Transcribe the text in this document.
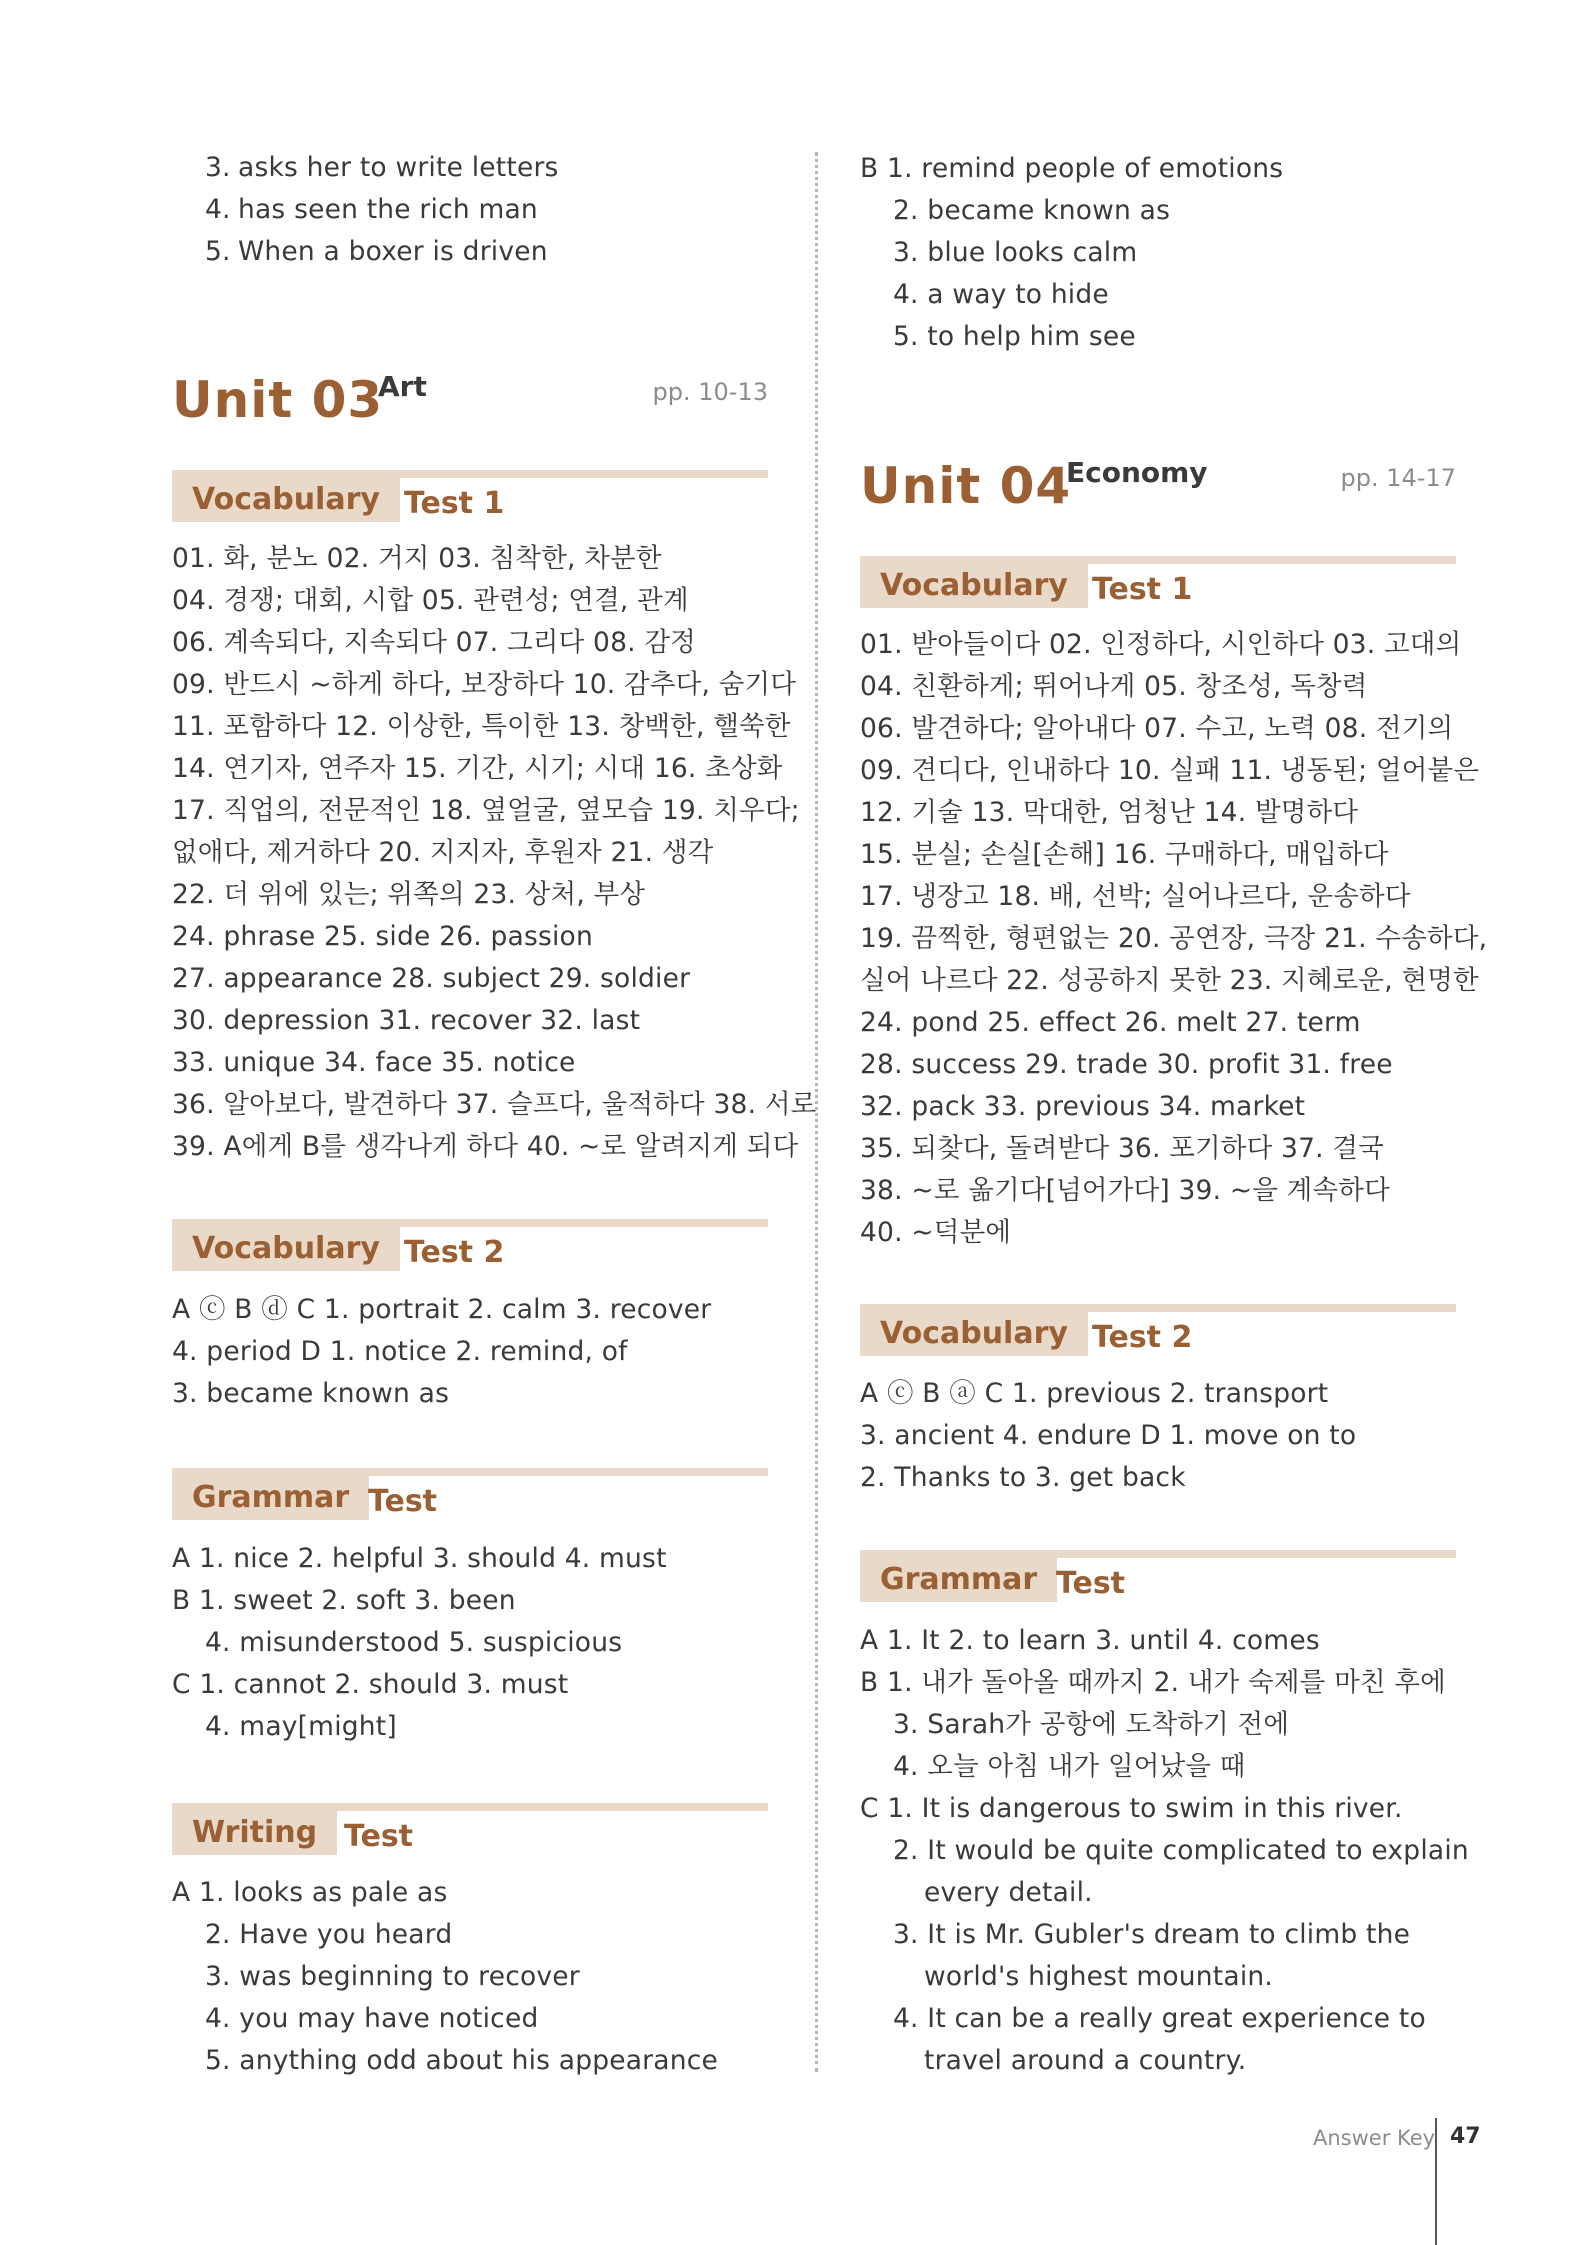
3. asks her to write letters
4. has seen the rich man
5. When a boxer is driven
Unit 03
Art	pp. 10-13
Vocabulary Test 1
01. 화, 분노 02. 거지 03. 침착한, 차분한
04. 경쟁; 대회, 시합 05. 관련성; 연결, 관계
06. 계속되다, 지속되다 07. 그리다 08. 감정
09. 반드시 ~하게 하다, 보장하다 10. 감추다, 숨기다
11. 포함하다 12. 이상한, 특이한 13. 창백한, 핼쑥한
14. 연기자, 연주자 15. 기간, 시기; 시대 16. 초상화
17. 직업의, 전문적인 18. 옆얼굴, 옆모습 19. 치우다;
없애다, 제거하다 20. 지지자, 후원자 21. 생각
22. 더 위에 있는; 위쪽의 23. 상처, 부상
24. phrase 25. side 26. passion
27. appearance 28. subject 29. soldier
30. depression 31. recover 32. last
33. unique 34. face 35. notice
36. 알아보다, 발견하다 37. 슬프다, 울적하다 38. 서로
39. A에게 B를 생각나게 하다 40. ~로 알려지게 되다
Vocabulary Test 2
A ⓒ B ⓓ C 1. portrait 2. calm 3. recover
4. period D 1. notice 2. remind, of
3. became known as
Grammar Test
A 1. nice 2. helpful 3. should 4. must
B 1. sweet 2. soft 3. been
4. misunderstood 5. suspicious
C 1. cannot 2. should 3. must
4. may[might]
Writing Test
A 1. looks as pale as
2. Have you heard
3. was beginning to recover
4. you may have noticed
5. anything odd about his appearance
B 1. remind people of emotions
2. became known as
3. blue looks calm
4. a way to hide
5. to help him see
Unit 04
Economy	pp. 14-17
Vocabulary Test 1
01. 받아들이다 02. 인정하다, 시인하다 03. 고대의
04. 친환하게; 뛰어나게 05. 창조성, 독창력
06. 발견하다; 알아내다 07. 수고, 노력 08. 전기의
09. 견디다, 인내하다 10. 실패 11. 냉동된; 얼어붙은
12. 기술 13. 막대한, 엄청난 14. 발명하다
15. 분실; 손실[손해] 16. 구매하다, 매입하다
17. 냉장고 18. 배, 선박; 실어나르다, 운송하다
19. 끔찍한, 형편없는 20. 공연장, 극장 21. 수송하다,
실어 나르다 22. 성공하지 못한 23. 지혜로운, 현명한
24. pond 25. effect 26. melt 27. term
28. success 29. trade 30. profit 31. free
32. pack 33. previous 34. market
35. 되찾다, 돌려받다 36. 포기하다 37. 결국
38. ~로 옮기다[넘어가다] 39. ~을 계속하다
40. ~덕분에
Vocabulary Test 2
A ⓒ B ⓐ C 1. previous 2. transport
3. ancient 4. endure D 1. move on to
2. Thanks to 3. get back
Grammar Test
A 1. It 2. to learn 3. until 4. comes
B 1. 내가 돌아올 때까지 2. 내가 숙제를 마친 후에
3. Sarah가 공항에 도착하기 전에
4. 오늘 아침 내가 일어났을 때
C 1. It is dangerous to swim in this river.
2. It would be quite complicated to explain
every detail.
3. It is Mr. Gubler's dream to climb the
world's highest mountain.
4. It can be a really great experience to
travel around a country.
Answer Key 47
